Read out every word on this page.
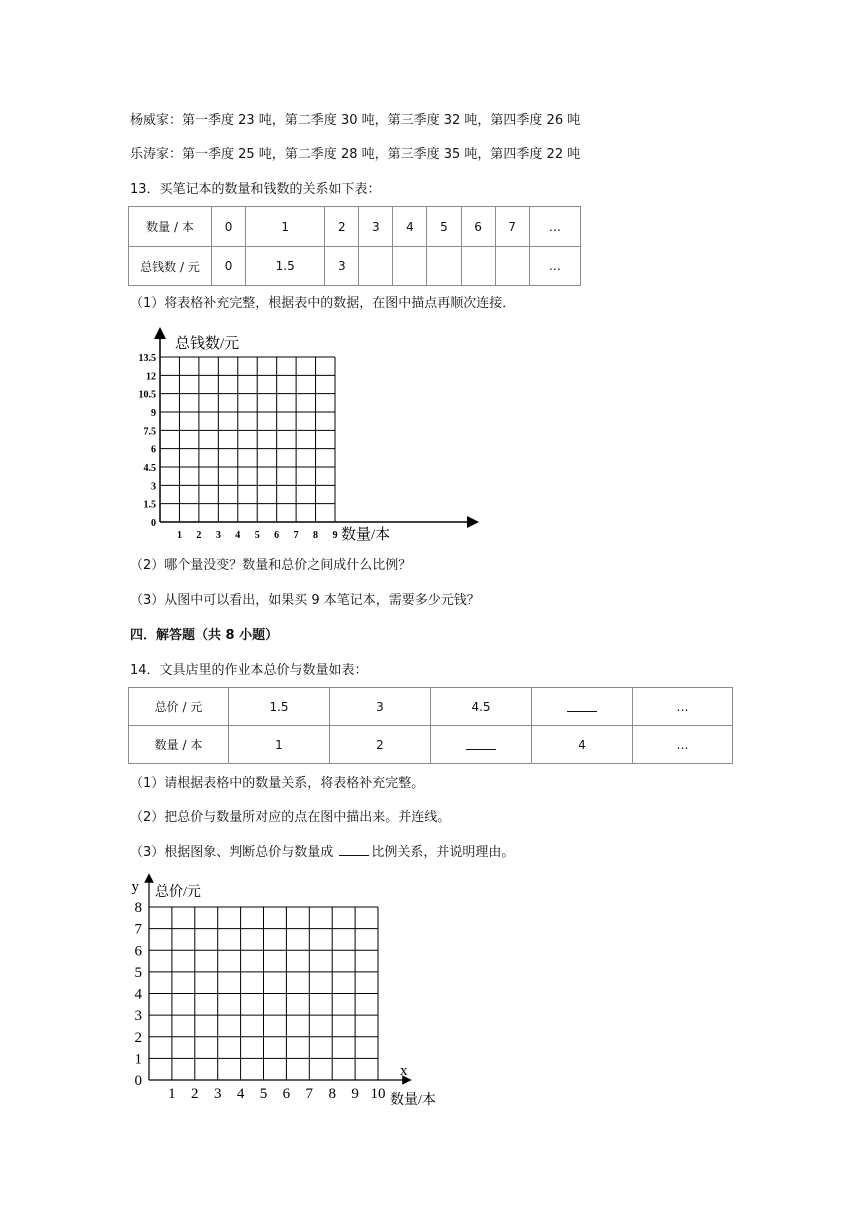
杨威家：第一季度 23 吨，第二季度 30 吨，第三季度 32 吨，第四季度 26 吨
乐涛家：第一季度 25 吨，第二季度 28 吨，第三季度 35 吨，第四季度 22 吨
13．买笔记本的数量和钱数的关系如下表：
数量 / 本	0	1	2	3	4	5	6	7	…
总钱数 / 元	0	1.5	3						…
（1）将表格补充完整，根据表中的数据，在图中描点再顺次连接．
0
1.5
3
4.5
6
7.5
9
10.5
12
13.5
1 2 3 4 5 6 7 8 9
总钱数/元
数量/本
（2）哪个量没变？数量和总价之间成什么比例？
（3）从图中可以看出，如果买 9 本笔记本，需要多少元钱？
四．解答题（共 8 小题）
14．文具店里的作业本总价与数量如表：
总价 / 元	1.5	3	4.5		…
数量 / 本	1	2		4	…
（1）请根据表格中的数量关系，将表格补充完整。
（2）把总价与数量所对应的点在图中描出来。并连线。
（3）根据图象、判断总价与数量成	比例关系，并说明理由。
0
1
2
3
4
5
6
7
8
1 2 3 4 5 6 7 8 9 10
y 总价/元
x
数量/本
